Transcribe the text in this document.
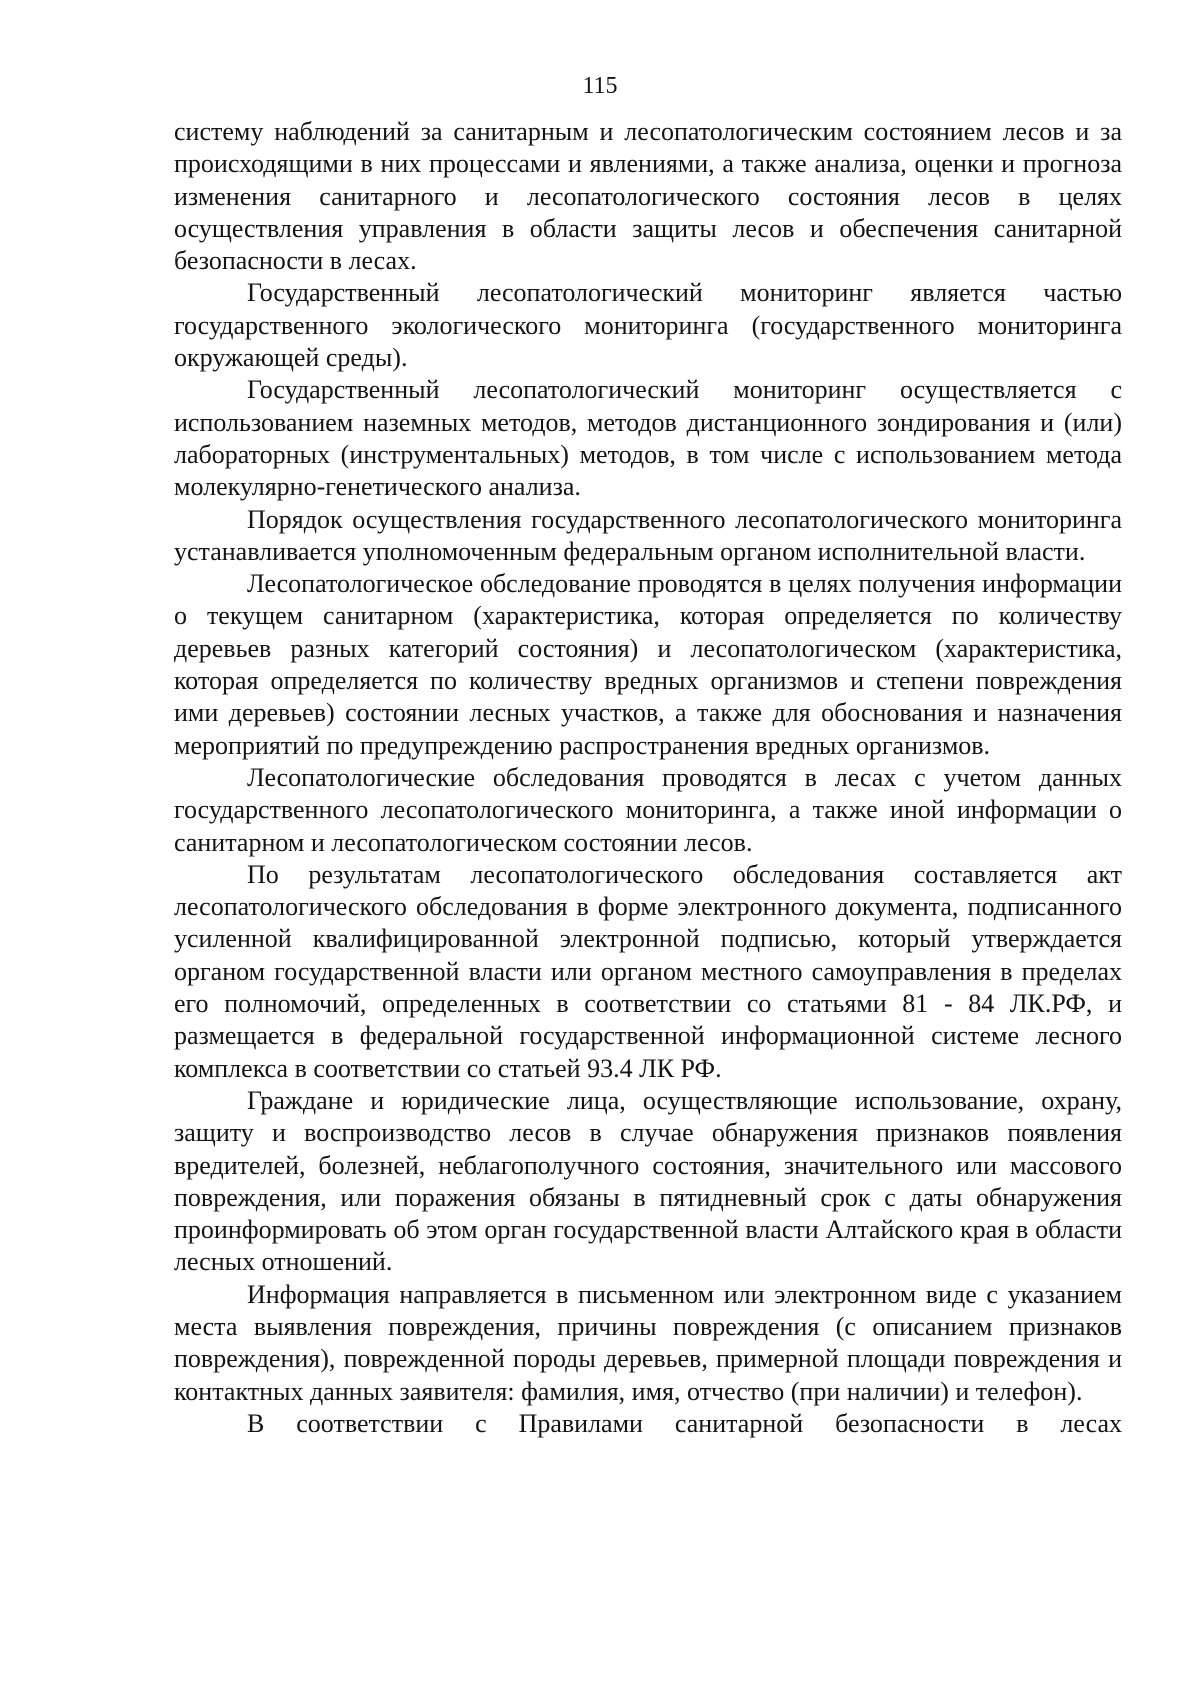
115

систему наблюдений за санитарным и лесопатологическим состоянием лесов и за происходящими в них процессами и явлениями, а также анализа, оценки и прогноза изменения санитарного и лесопатологического состояния лесов в целях осуществления управления в области защиты лесов и обеспечения санитарной безопасности в лесах.

Государственный лесопатологический мониторинг является частью государственного экологического мониторинга (государственного мониторинга окружающей среды).

Государственный лесопатологический мониторинг осуществляется с использованием наземных методов, методов дистанционного зондирования и (или) лабораторных (инструментальных) методов, в том числе с использованием метода молекулярно-генетического анализа.

Порядок осуществления государственного лесопатологического мониторинга устанавливается уполномоченным федеральным органом исполнительной власти.

Лесопатологическое обследование проводятся в целях получения информации о текущем санитарном (характеристика, которая определяется по количеству деревьев разных категорий состояния) и лесопатологическом (характеристика, которая определяется по количеству вредных организмов и степени повреждения ими деревьев) состоянии лесных участков, а также для обоснования и назначения мероприятий по предупреждению распространения вредных организмов.

Лесопатологические обследования проводятся в лесах с учетом данных государственного лесопатологического мониторинга, а также иной информации о санитарном и лесопатологическом состоянии лесов.

По результатам лесопатологического обследования составляется акт лесопатологического обследования в форме электронного документа, подписанного усиленной квалифицированной электронной подписью, который утверждается органом государственной власти или органом местного самоуправления в пределах его полномочий, определенных в соответствии со статьями 81 - 84 ЛК.РФ, и размещается в федеральной государственной информационной системе лесного комплекса в соответствии со статьей 93.4 ЛК РФ.

Граждане и юридические лица, осуществляющие использование, охрану, защиту и воспроизводство лесов в случае обнаружения признаков появления вредителей, болезней, неблагополучного состояния, значительного или массового повреждения, или поражения обязаны в пятидневный срок с даты обнаружения проинформировать об этом орган государственной власти Алтайского края в области лесных отношений.

Информация направляется в письменном или электронном виде с указанием места выявления повреждения, причины повреждения (с описанием признаков повреждения), поврежденной породы деревьев, примерной площади повреждения и контактных данных заявителя: фамилия, имя, отчество (при наличии) и телефон).

В соответствии с Правилами санитарной безопасности в лесах
